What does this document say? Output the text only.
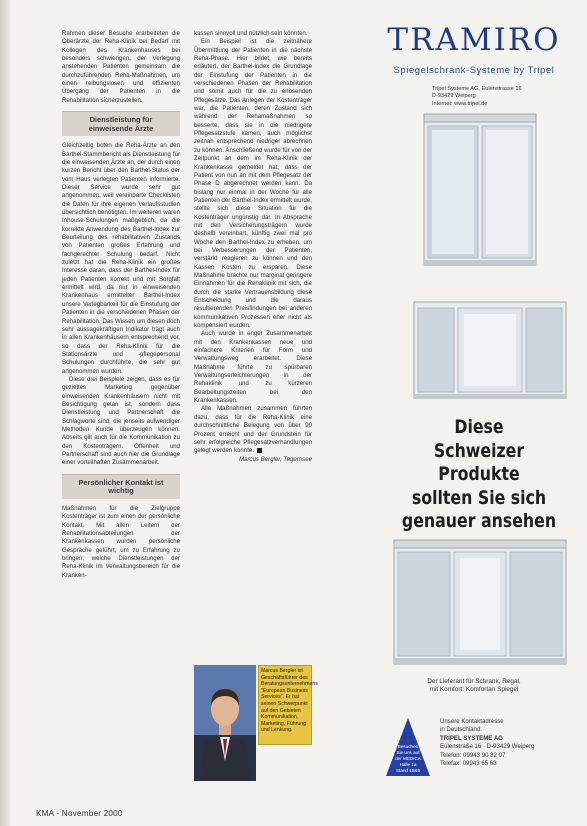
Rahmen dieser Besuche erarbeiteten die Oberärzte der Reha-Klinik bei Bedarf mit Kollegen des Krankenhauses bei besonders schwierigen, der Verlegung anstehenden Patienten gemeinsam die durchzuführenden Reha-Maßnahmen, um einen reibungslosen und effizienten Übergang der Patienten in die Rehabilitation sicherzustellen.

Dienstleistung für
einweisende Ärzte

Gleichzeitig boten die Reha-Ärzte an den Barthel-Stammbericht als Dienstleistung für die einweisenden Ärzte an, der durch einen kurzen Bericht über den Barthel-Status der vom Haus verlegten Patienten informierte. Dieser Service wurde sehr gut angenommen, weil vereinbarte Checklisten die Daten für ihre eigenen Verlaufsstudien übersichtlich benötigten. Im weiteren waren Inhouse-Schulungen maßgeblich, da die korrekte Anwendung des Barthel-Index zur Beurteilung des rehabilitativen Zustands von Patienten großes Erfahrung und fachgerechter Schulung bedarf. Nicht zuletzt hat die Reha-Klinik ein großes Interesse daran, dass der Barthel-Index für jeden Patienten korrekt und mit Sorgfalt ermittelt wird, da nur in einweisenden Krankenhaus ermittelter Barthel-Index unsere Verlegbarkeit für die Einstufung der Patienten in die verschiedenen Phasen der Rehabilitation. Das Wissen um diesen doch sehr aussagekräftigen Indikator trägt auch in allen Krankenhäusern entsprechend vor, so dass der Reha-Klinik für die Stationsärzte und -pflegepersonal Schulungen durchführte, die sehr gut angenommen wurden.

Diese drei Beispiele zeigen, dass es für gezieltes Marketing gegenüber einweisenden Krankenhäusern nicht mit Besichtigung getan ist, sondern dass Dienstleistung und Partnerschaft die Schlagworte sind, die jenseits aufwendiger Methoden Kunde überzeugen können. Abseits gilt auch für die Kommunikation zu den Kostenträgern. Offenheit und Partnerschaft sind auch hier die Grundlage einer vorteilhaften Zusammenarbeit.

Persönlicher Kontakt ist
wichtig

Maßnahmen für die Zielgruppe Kostenträger ist zum einen der persönliche Kontakt. Mit allen Leitern der Rehabilitationsabteilungen der Krankenkassen wurden persönliche Gespräche geführt, um zu Erfahrung zu bringen, welche Dienstleistungen der Reha-Klinik im Verwaltungsbereich für die Kranken-

kassen sinnvoll und nützlich sein könnten.

Ein Beispiel ist die zeitnähere Übermittlung der Patienten in die nächste Reha-Phase. Hier bildet, wie bereits erläutert, der Barthel-Index die Grundlage der Einstufung der Patienten in die verschiedenen Phasen der Rehabilitation und somit auch für die zu erlösenden Pflegesätze. Das Anlegen der Kostenträger war, die Patienten, deren Zustand sich während der Rehamaßnahmen so besserte, dass sie in die niedrigere Pflegesatzstufe kamen, auch möglichst zeitnah entsprechend niedriger abrechnen zu können. Anschließend wurde für von der Zeitpunkt an dem im Reha-Klinik der Krankenkasse gemeldet hat, dass der Patient von nun an mit dem Pflegesatz der Phase D abgerechnet werden kann. Da bislang nur einmal in der Woche für alle Patienten der Barthel-Index ermittelt wurde, stellte sich diese Situation für die Kostenträger ungünstig dar. In Absprache mit den Versicherungsträgern wurde deshalb vereinbart, künftig zwei mal pro Woche den Barthel-Index zu erheben, um bei Verbesserungen der Patienten, verstärkt reagieren zu können und den Kassen Kosten zu ersparen. Diese Maßnahme brachte nur marginal geringere Einnahmen für die Rehaklinik mit sich, die durch die starke Vertrauensbildung diese Entscheidung und die daraus resultierenden Preisfindungen bei anderen kommunikativen Prozessen eher nicht als kompensiert wurden.

Auch wurde in enger Zusammenarbeit mit den Krankenkassen neue und einfachere Kriterien für Form und Verwaltungsweg erarbeitet. Diese Maßnahme führte zu spürbaren Verwaltungserleichterungen in der Rehaklinik und zu kürzeren Bearbeitungszeiten bei den Krankenkassen.

Alle Maßnahmen zusammen führten dazu, dass für die Reha-Klinik eine durchschnittliche Belegung von über 90 Prozent erreicht und der Grundstein für sehr erfolgreiche Pflegesatzverhandlungen gelegt werden konnte.

Marcus Bergler, Tegernsee

Marcus Bergler ist Geschäftsführer des Beratungsunternehmens "European Business Services". Er hat seinen Schwerpunkt auf den Gebieten Kommunikation, Marketing, Führung und Lenkung.
KMA - November 2000
TRAMIRO
Spiegelschrank-Systeme by Tripel
Tripel Systeme AG, Eulenstrasse 16
D-93429 Weiperg
Internet: www.tripel.de
Diese
Schweizer Produkte
sollten Sie sich
genauer ansehen
Der Lieferant für Schrank, Regal,
mit Komfort: Komfortan Spiegel
Besuchen
Sie uns auf
der MEDICA
Halle 1a
Stand 1B66
Unsere Kontaktadresse
in Deutschland:
TRIPEL SYSTEME AG
Eulenstraße 16 · D-93429 Weiperg
Telefon: 09943 90 82 07
Telefax: 09943 65 63
